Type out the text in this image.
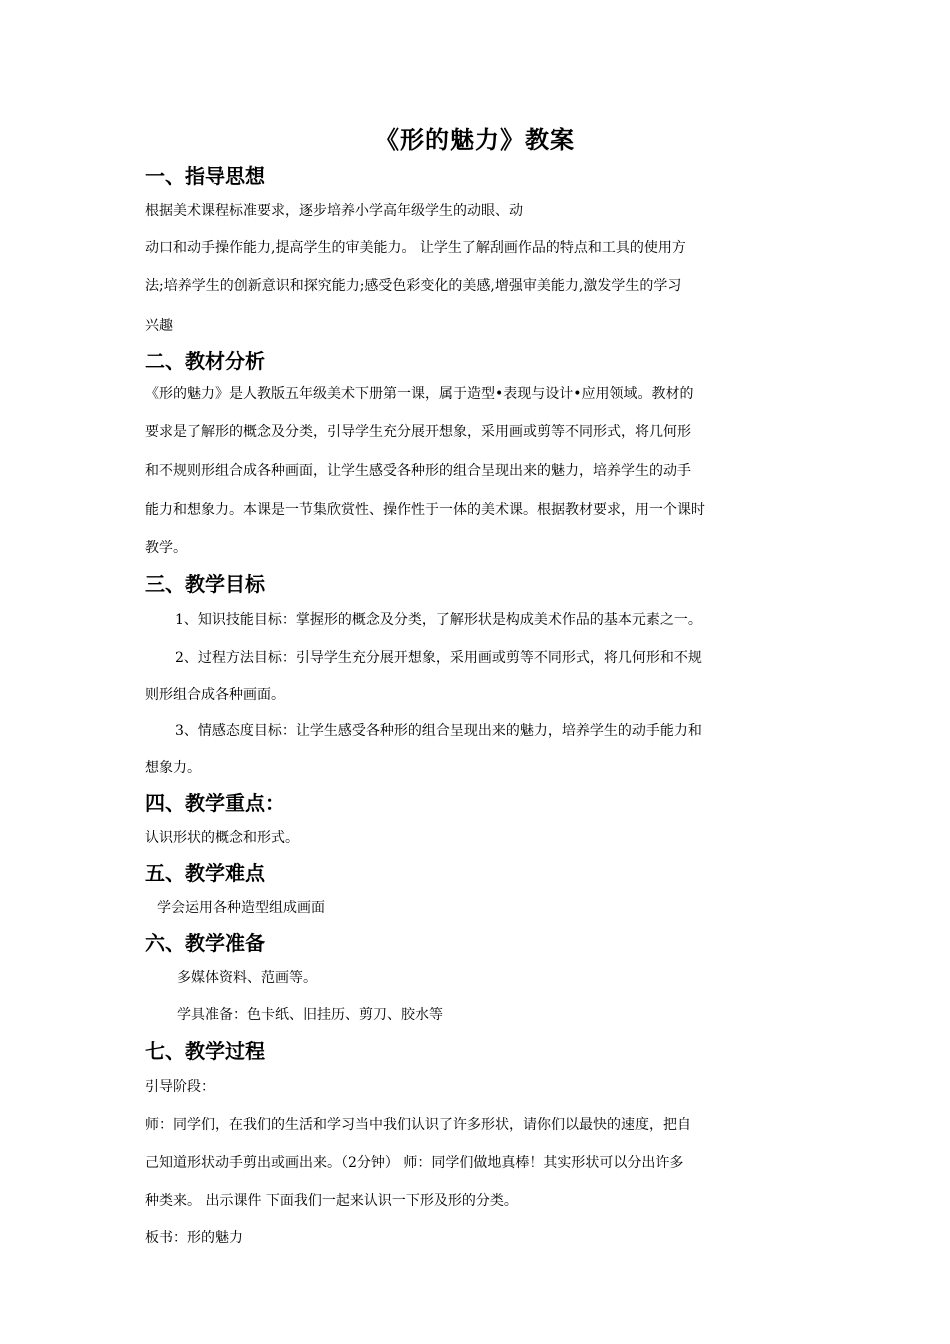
《形的魅力》教案
一、指导思想

根据美术课程标准要求，逐步培养小学高年级学生的动眼、动

动口和动手操作能力,提高学生的审美能力。 让学生了解刮画作品的特点和工具的使用方

法;培养学生的创新意识和探究能力;感受色彩变化的美感,增强审美能力,激发学生的学习

兴趣

二、教材分析

《形的魅力》是人教版五年级美术下册第一课，属于造型•表现与设计•应用领域。教材的

要求是了解形的概念及分类，引导学生充分展开想象，采用画或剪等不同形式，将几何形

和不规则形组合成各种画面，让学生感受各种形的组合呈现出来的魅力，培养学生的动手

能力和想象力。本课是一节集欣赏性、操作性于一体的美术课。根据教材要求，用一个课时

教学。

三、教学目标

1、知识技能目标：掌握形的概念及分类，了解形状是构成美术作品的基本元素之一。

2、过程方法目标：引导学生充分展开想象，采用画或剪等不同形式，将几何形和不规

则形组合成各种画面。

3、情感态度目标：让学生感受各种形的组合呈现出来的魅力，培养学生的动手能力和

想象力。

四、教学重点：

认识形状的概念和形式。

五、教学难点

学会运用各种造型组成画面

六、教学准备

多媒体资料、范画等。

学具准备：色卡纸、旧挂历、剪刀、胶水等

七、教学过程

引导阶段：

师：同学们，在我们的生活和学习当中我们认识了许多形状，请你们以最快的速度，把自

己知道形状动手剪出或画出来。（2分钟） 师：同学们做地真棒！其实形状可以分出许多

种类来。 出示课件 下面我们一起来认识一下形及形的分类。

板书：形的魅力
